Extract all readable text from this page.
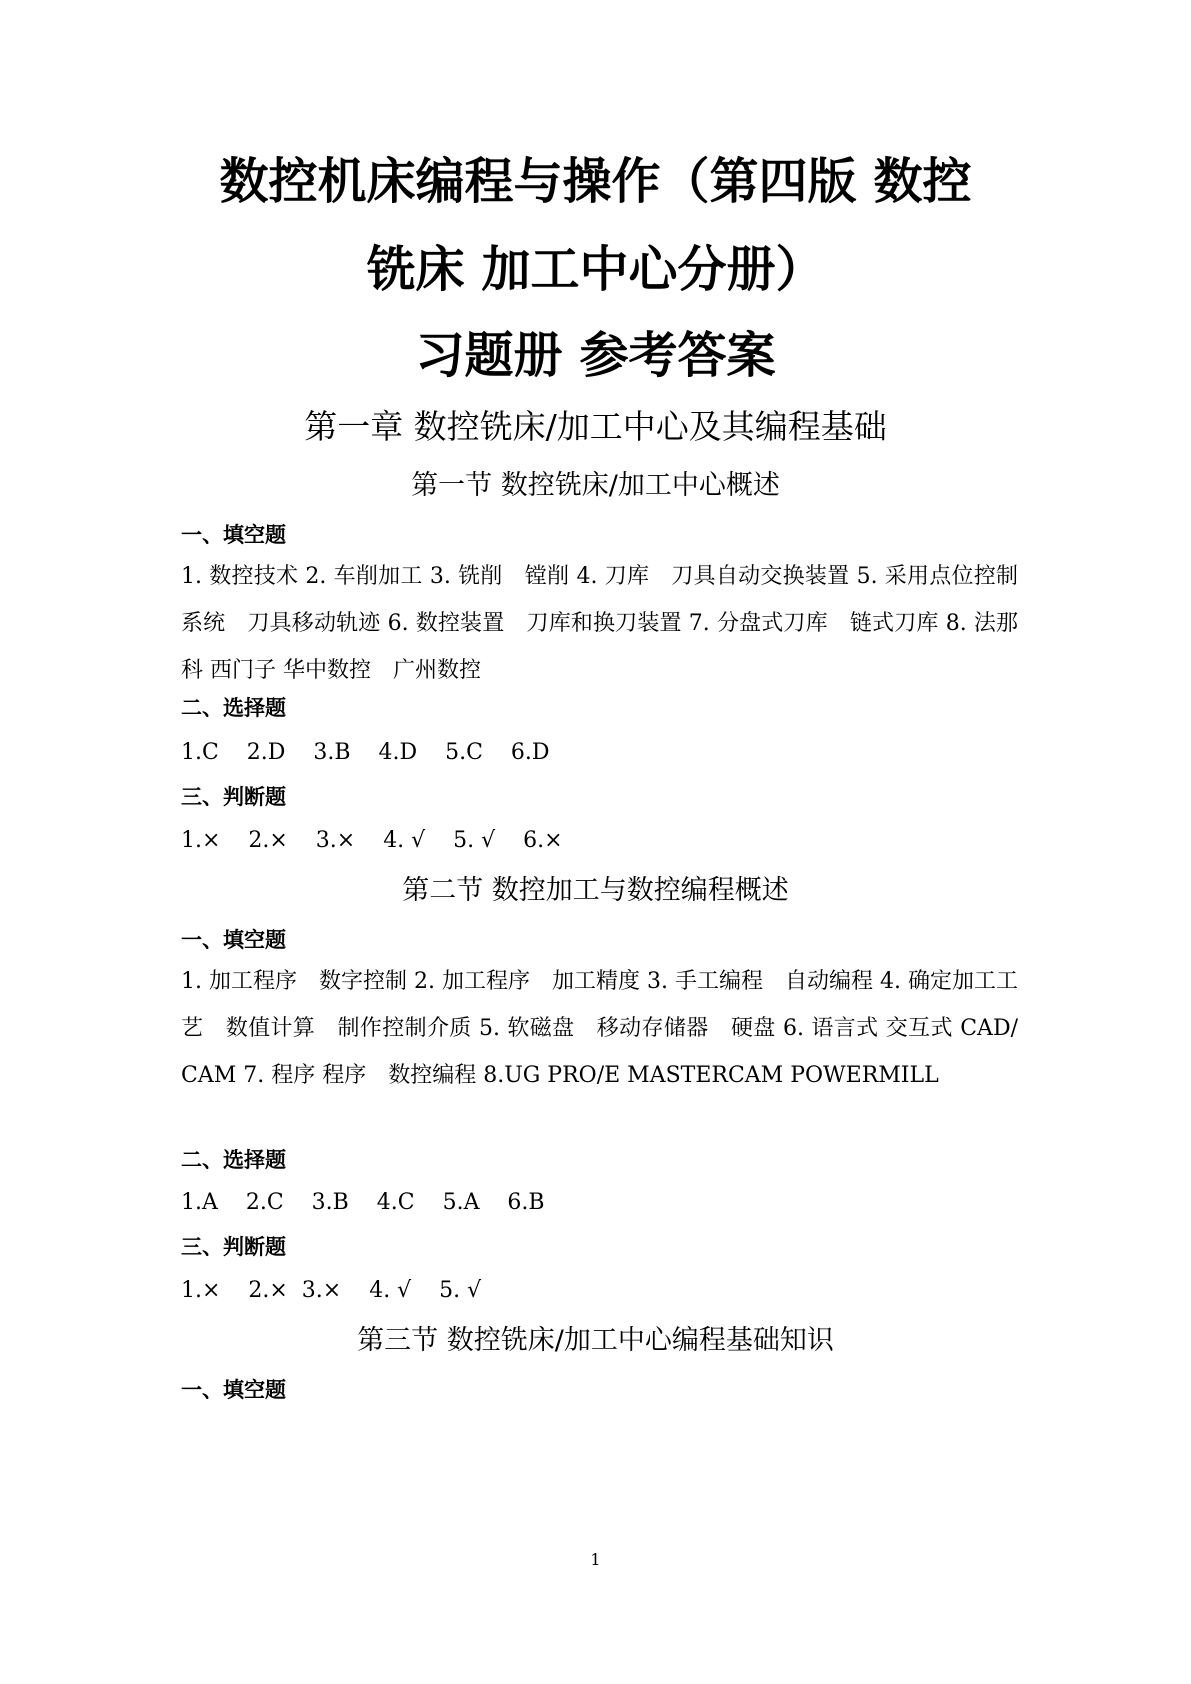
数控机床编程与操作（第四版 数控
铣床 加工中心分册）
习题册 参考答案
第一章 数控铣床/加工中心及其编程基础
第一节 数控铣床/加工中心概述
一、填空题
1. 数控技术 2. 车削加工 3. 铣削　镗削 4. 刀库　刀具自动交换装置 5. 采用点位控制系统　刀具移动轨迹 6. 数控装置　刀库和换刀装置 7. 分盘式刀库　链式刀库 8. 法那科 西门子 华中数控　广州数控
二、选择题
1.C    2.D    3.B    4.D    5.C    6.D
三、判断题
1.×    2.×    3.×    4. √    5. √    6.×
第二节 数控加工与数控编程概述
一、填空题
1. 加工程序　数字控制 2. 加工程序　加工精度 3. 手工编程　自动编程 4. 确定加工工艺　数值计算　制作控制介质 5. 软磁盘　移动存储器　硬盘 6. 语言式 交互式 CAD/CAM 7. 程序 程序　数控编程 8.UG PRO/E MASTERCAM POWERMILL
二、选择题
1.A    2.C    3.B    4.C    5.A    6.B
三、判断题
1.×    2.×  3.×    4. √    5. √
第三节 数控铣床/加工中心编程基础知识
一、填空题
1
